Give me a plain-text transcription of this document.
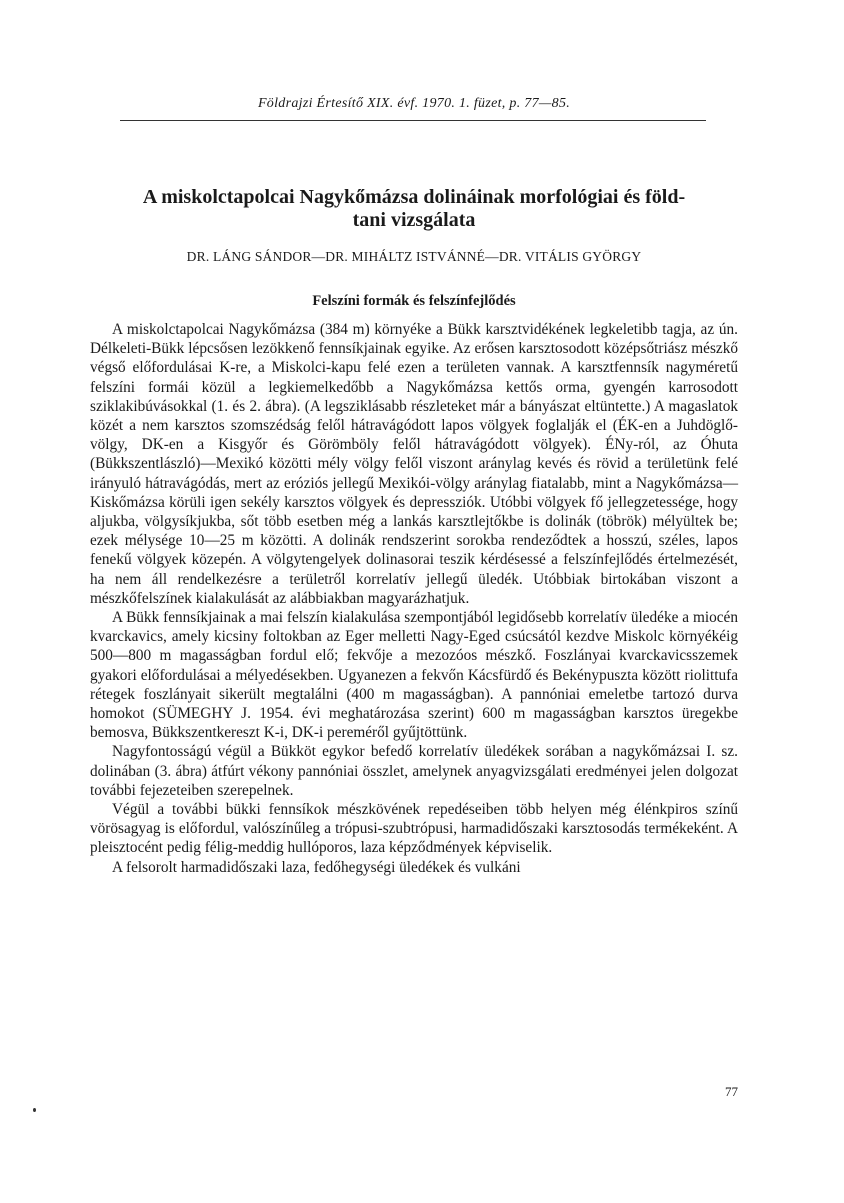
Földrajzi Értesítő XIX. évf. 1970. 1. füzet, p. 77—85.
A miskolctapolcai Nagykőmázsa dolináinak morfológiai és föld-
tani vizsgálata
DR. LÁNG SÁNDOR—DR. MIHÁLTZ ISTVÁNNÉ—DR. VITÁLIS GYÖRGY
Felszíni formák és felszínfejlődés

A miskolctapolcai Nagykőmázsa (384 m) környéke a Bükk karsztvidékének legkeletibb tagja, az ún. Délkeleti-Bükk lépcsősen lezökkenő fennsíkjainak egyike. Az erősen karsztosodott középsőtriász mészkő végső előfordulásai K-re, a Miskolci-kapu felé ezen a területen vannak. A karsztfennsík nagyméretű felszíni formái közül a legkiemelkedőbb a Nagykőmázsa kettős orma, gyengén karrosodott sziklakibúvásokkal (1. és 2. ábra). (A legsziklásabb részleteket már a bányászat eltüntette.) A magaslatok közét a nem karsztos szomszédság felől hátravágódott lapos völgyek foglalják el (ÉK-en a Juhdöglő-völgy, DK-en a Kisgyőr és Görömböly felől hátravágódott völgyek). ÉNy-ról, az Óhuta (Bükkszentlászló)—Mexikó közötti mély völgy felől viszont aránylag kevés és rövid a területünk felé irányuló hátravágódás, mert az eróziós jellegű Mexikói-völgy aránylag fiatalabb, mint a Nagykőmázsa—Kiskőmázsa körüli igen sekély karsztos völgyek és depressziók. Utóbbi völgyek fő jellegzetessége, hogy aljukba, völgysíkjukba, sőt több esetben még a lankás karsztlejtőkbe is dolinák (töbrök) mélyültek be; ezek mélysége 10—25 m közötti. A dolinák rendszerint sorokba rendeződtek a hosszú, széles, lapos fenekű völgyek közepén. A völgytengelyek dolinasorai teszik kérdésessé a felszínfejlődés értelmezését, ha nem áll rendelkezésre a területről korrelatív jellegű üledék. Utóbbiak birtokában viszont a mészkőfelszínek kialakulását az alábbiakban magyarázhatjuk.

A Bükk fennsíkjainak a mai felszín kialakulása szempontjából legidősebb korrelatív üledéke a miocén kvarckavics, amely kicsiny foltokban az Eger melletti Nagy-Eged csúcsától kezdve Miskolc környékéig 500—800 m magasságban fordul elő; fekvője a mezozóos mészkő. Foszlányai kvarckavicsszemek gyakori előfordulásai a mélyedésekben. Ugyanezen a fekvőn Kácsfürdő és Bekénypuszta között riolittufa rétegek foszlányait sikerült megtalálni (400 m magasságban). A pannóniai emeletbe tartozó durva homokot (SÜMEGHY J. 1954. évi meghatározása szerint) 600 m magasságban karsztos üregekbe bemosva, Bükkszentkereszt K-i, DK-i pereméről gyűjtöttünk.

Nagyfontosságú végül a Bükköt egykor befedő korrelatív üledékek sorában a nagykőmázsai I. sz. dolinában (3. ábra) átfúrt vékony pannóniai összlet, amelynek anyagvizsgálati eredményei jelen dolgozat további fejezeteiben szerepelnek.

Végül a további bükki fennsíkok mészkövének repedéseiben több helyen még élénkpiros színű vörösagyag is előfordul, valószínűleg a trópusi-szubtrópusi, harmadidőszaki karsztosodás termékeként. A pleisztocént pedig félig-meddig hullóporos, laza képződmények képviselik.

A felsorolt harmadidőszaki laza, fedőhegységi üledékek és vulkáni

77
